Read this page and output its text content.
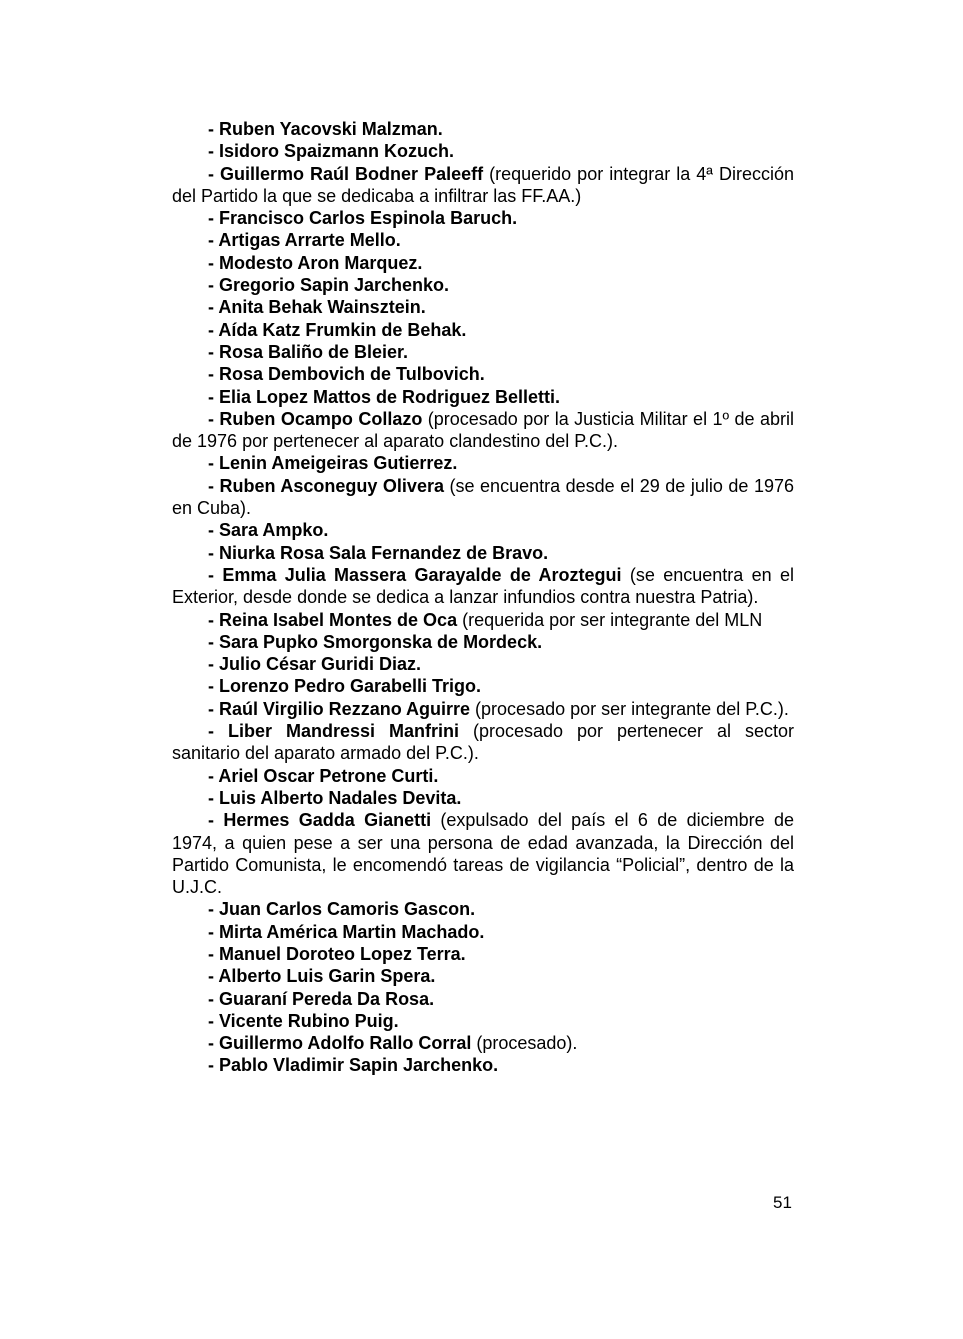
- Ruben Yacovski Malzman.

- Isidoro Spaizmann Kozuch.

- Guillermo Raúl Bodner Paleeff (requerido por integrar la 4ª Dirección del Partido la que se dedicaba a infiltrar las FF.AA.)

- Francisco Carlos Espinola Baruch.

- Artigas Arrarte Mello.

- Modesto Aron Marquez.

- Gregorio Sapin Jarchenko.

- Anita Behak Wainsztein.

- Aída Katz Frumkin de Behak.

- Rosa Baliño de Bleier.

- Rosa Dembovich de Tulbovich.

- Elia Lopez Mattos de Rodriguez Belletti.

- Ruben Ocampo Collazo (procesado por la Justicia Militar el 1º de abril de 1976 por pertenecer al aparato clandestino del P.C.).

- Lenin Ameigeiras Gutierrez.

- Ruben Asconeguy Olivera (se encuentra desde el 29 de julio de 1976 en Cuba).

- Sara Ampko.

- Niurka Rosa Sala Fernandez de Bravo.

- Emma Julia Massera Garayalde de Aroztegui (se encuentra en el Exterior, desde donde se dedica a lanzar infundios contra nuestra Patria).

- Reina Isabel Montes de Oca (requerida por ser integrante del MLN

- Sara Pupko Smorgonska de Mordeck.

- Julio César Guridi Diaz.

- Lorenzo Pedro Garabelli Trigo.

- Raúl Virgilio Rezzano Aguirre (procesado por ser integrante del P.C.).

- Liber Mandressi Manfrini (procesado por pertenecer al sector sanitario del aparato armado del P.C.).

- Ariel Oscar Petrone Curti.

- Luis Alberto Nadales Devita.

- Hermes Gadda Gianetti (expulsado del país el 6 de diciembre de 1974, a quien pese a ser una persona de edad avanzada, la Dirección del Partido Comunista, le encomendó tareas de vigilancia “Policial”, dentro de la U.J.C.

- Juan Carlos Camoris Gascon.

- Mirta América Martin Machado.

- Manuel Doroteo Lopez Terra.

- Alberto Luis Garin Spera.

- Guaraní Pereda Da Rosa.

- Vicente Rubino Puig.

- Guillermo Adolfo Rallo Corral (procesado).

- Pablo Vladimir Sapin Jarchenko.

51
